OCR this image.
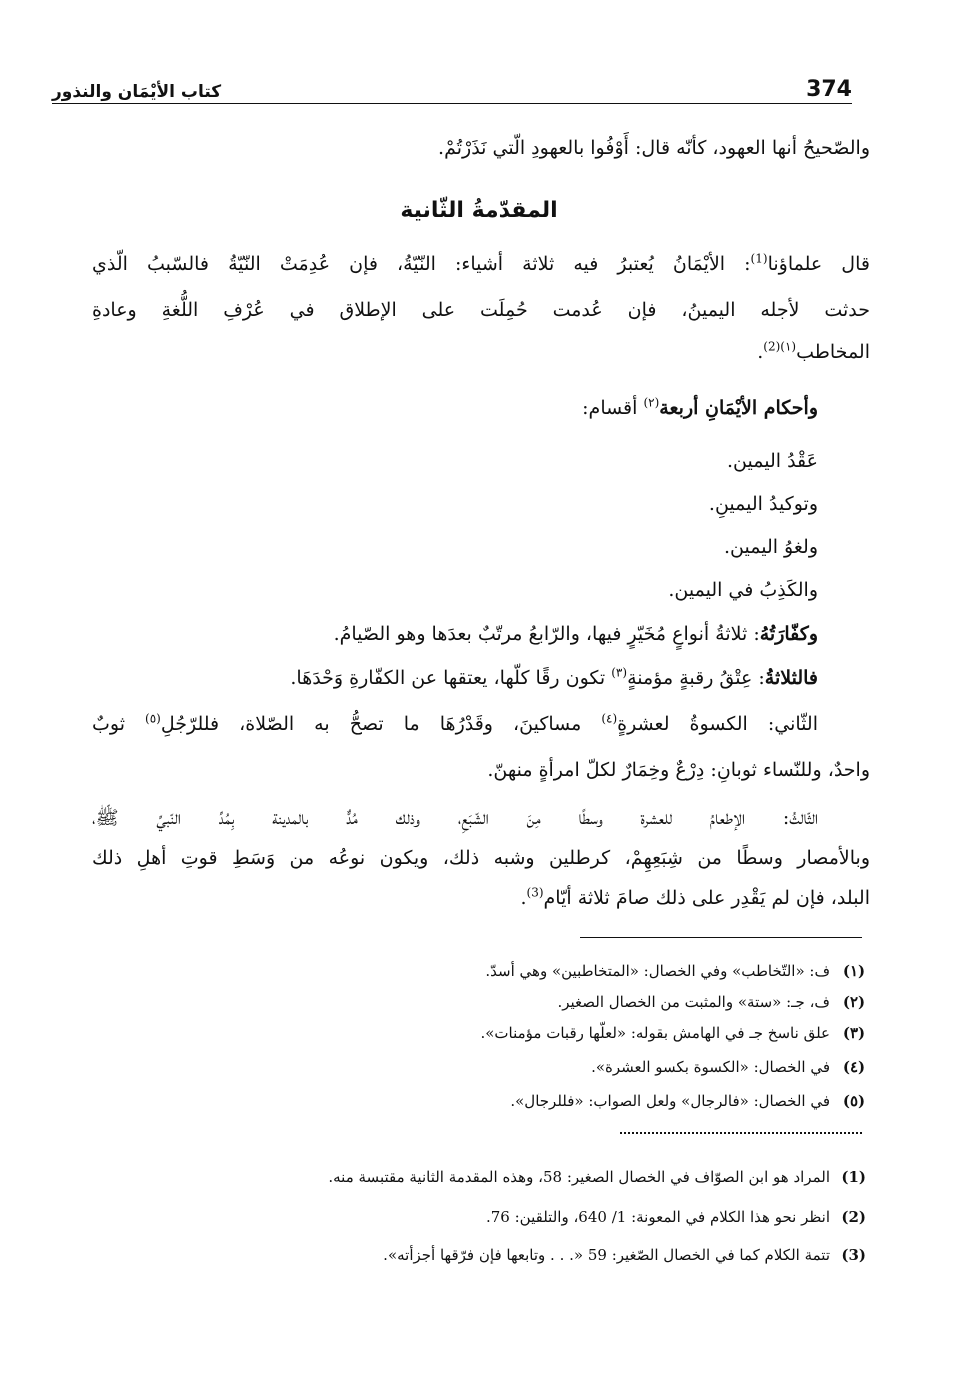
كتاب الأيْمَان والنذور	374
والصّحيحُ أنها العهود، كأنّه قال: أَوْفُوا بالعهودِ الّتي نَذَرْتُمْ.
المقدّمةُ الثّانية
قال علماؤنا$^{(1)}$: الأيْمَانُ يُعتبرُ فيه ثلاثة أشياء: النّيّةُ، فإن عُدِمَتْ النّيّةُ فالسّببُ الّذي
حدثت لأجله اليمينُ، فإن عُدمت حُمِلَت على الإطلاق في عُرْفِ اللُّغةِ وعادةِ
المخاطب$^{(١)(2)}$.
وأحكام الأيْمَانِ أربعة$^{(٢)}$ أقسام:
عَقْدُ اليمين.
وتوكيدُ اليمينِ.
ولغوُ اليمين.
والكَذِبُ في اليمين.
وكفّارَتُهُ: ثلاثةُ أنواعٍ مُخَيّرٍ فيها، والرّابعُ مرتّبٌ بعدَها وهو الصّيامُ.
فالثلاثةُ: عِتْقُ رقبةٍ مؤمنةٍ$^{(٣)}$ تكون رقًا كلّها، يعتقها عن الكفّارةِ وَحْدَهَا.
الثّاني: الكسوةُ لعشرةٍ$^{(٤)}$ مساكينَ، وقَدْرُهَا ما تصحُّ به الصّلاة، فللرّجُلِ$^{(٥)}$ ثوبٌ
واحدٌ، وللنّساء ثوبانِ: دِرْعٌ وخِمَارٌ لكلّ امرأةٍ منهنّ.
الثّالثُ: الإطعامُ للعشرة وسطًا مِنَ الشّبَعِ، وذلك مُدٌّ بالمدينة بِمُدِّ النّبيِّ ﷺ،
وبالأمصار وسطًا من شِبَعِهِمْ، كرطلين وشبه ذلك، ويكون نوعُه من وَسَطِ قوتِ أهلِ ذلك
البلد، فإن لم يَقْدِر على ذلك صامَ ثلاثة أيّام$^{(3)}$.
(١)
ف: «التّخاطب» وفي الخصال: «المتخاطبين» وهي أسدّ.
(٢)
ف، جـ: «ستة» والمثبت من الخصال الصغير.
(٣)
علق ناسخ جـ في الهامش بقوله: «لعلّها رقبات مؤمنات».
(٤)
في الخصال: «الكسوة بكسو العشرة».
(٥)
في الخصال: «فالرجال» ولعل الصواب: «فللرجال».
(1)
المراد هو ابن الصوّاف في الخصال الصغير: 58، وهذه المقدمة الثانية مقتبسة منه.
(2)
انظر نحو هذا الكلام في المعونة: 1/ 640، والتلقين: 76.
(3)
تتمة الكلام كما في الخصال الصّغير: 59 «. . . وتابعها فإن فرّقها أجزأته».
